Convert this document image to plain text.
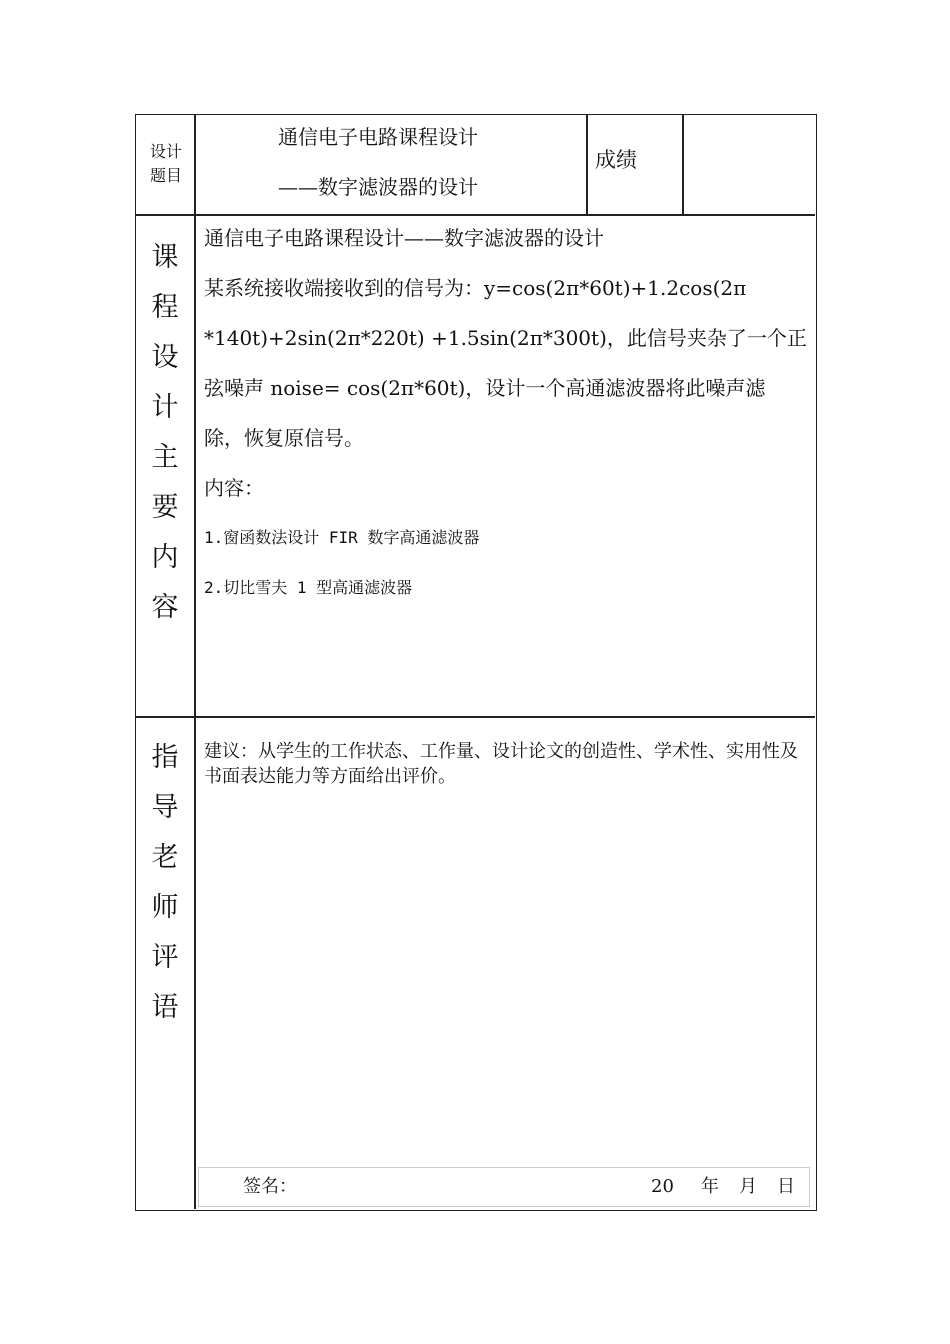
设计
题目
通信电子电路课程设计
——数字滤波器的设计
成绩
课
程
设
计
主
要
内
容
通信电子电路课程设计——数字滤波器的设计
某系统接收端接收到的信号为：y=cos(2π*60t)+1.2cos(2π
*140t)+2sin(2π*220t) +1.5sin(2π*300t)，此信号夹杂了一个正
弦噪声 noise= cos(2π*60t)，设计一个高通滤波器将此噪声滤
除，恢复原信号。
内容：
1.窗函数法设计 FIR 数字高通滤波器
2.切比雪夫 1 型高通滤波器
指
导
老
师
评
语
建议：从学生的工作状态、工作量、设计论文的创造性、学术性、实用性及书面表达能力等方面给出评价。
签名：	20 年 月 日
